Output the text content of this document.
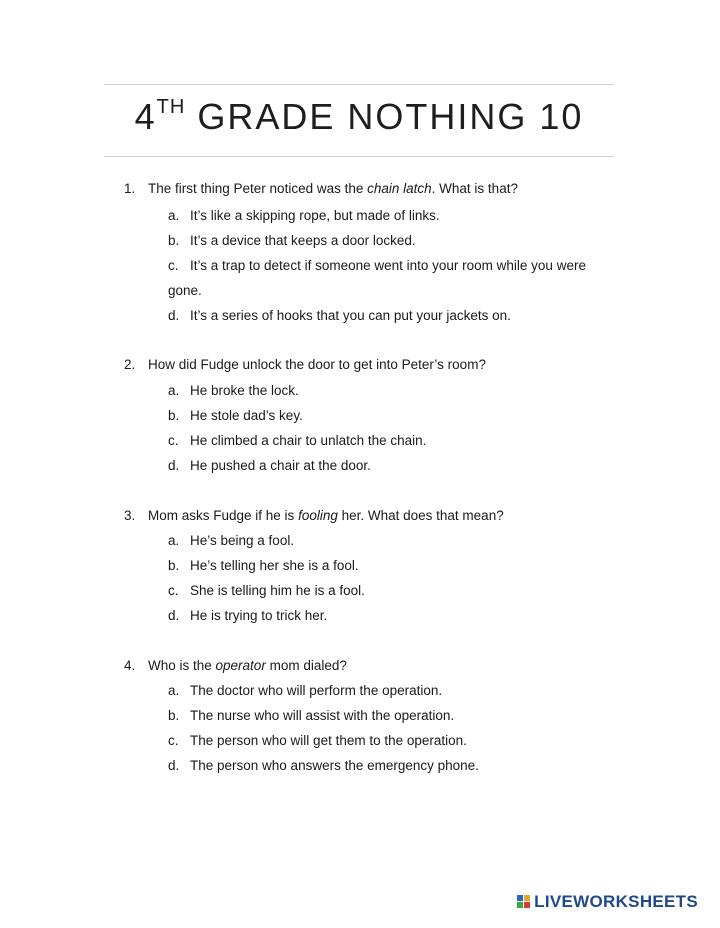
4TH GRADE NOTHING 10
1. The first thing Peter noticed was the chain latch. What is that?
a. It’s like a skipping rope, but made of links.
b. It’s a device that keeps a door locked.
c. It’s a trap to detect if someone went into your room while you were gone.
d. It’s a series of hooks that you can put your jackets on.
2. How did Fudge unlock the door to get into Peter’s room?
a. He broke the lock.
b. He stole dad’s key.
c. He climbed a chair to unlatch the chain.
d. He pushed a chair at the door.
3. Mom asks Fudge if he is fooling her. What does that mean?
a. He’s being a fool.
b. He’s telling her she is a fool.
c. She is telling him he is a fool.
d. He is trying to trick her.
4. Who is the operator mom dialed?
a. The doctor who will perform the operation.
b. The nurse who will assist with the operation.
c. The person who will get them to the operation.
d. The person who answers the emergency phone.
LIVEWORKSHEETS
